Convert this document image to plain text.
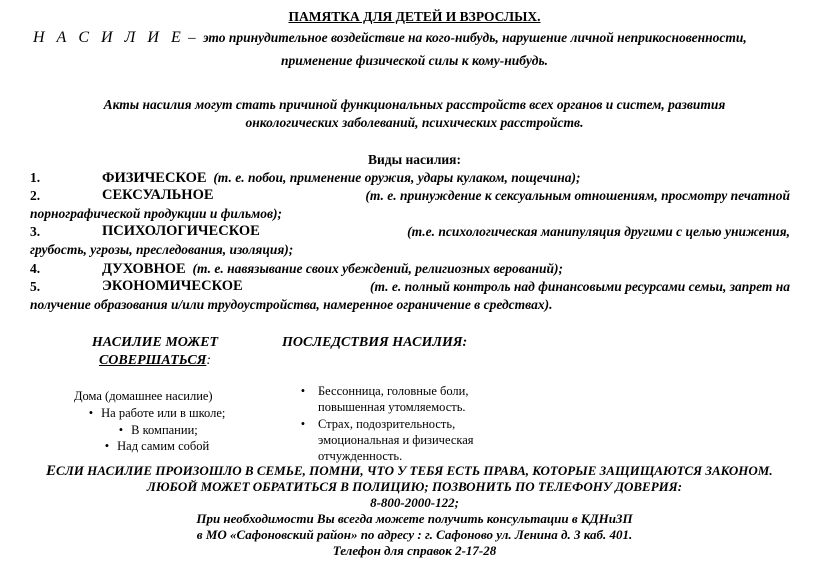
ПАМЯТКА ДЛЯ ДЕТЕЙ И ВЗРОСЛЫХ.
Н А С И Л И Е – это принудительное воздействие на кого-нибудь, нарушение личной неприкосновенности,
применение физической силы к кому-нибудь.
Акты насилия могут стать причиной функциональных расстройств всех органов и систем, развития
онкологических заболеваний, психических расстройств.
Виды насилия:
1.	ФИЗИЧЕСКОЕ (т. е. побои, применение оружия, удары кулаком, пощечина);
2.	СЕКСУАЛЬНОЕ	(т. е. принуждение к сексуальным отношениям, просмотру печатной
порнографической продукции и фильмов);
3.	ПСИХОЛОГИЧЕСКОЕ	(т.е. психологическая манипуляция другими с целью унижения,
грубость, угрозы, преследования, изоляция);
4.	ДУХОВНОЕ (т. е. навязывание своих убеждений, религиозных верований);
5.	ЭКОНОМИЧЕСКОЕ	(т. е. полный контроль над финансовыми ресурсами семьи, запрет на
получение образования и/или трудоустройства, намеренное ограничение в средствах).
НАСИЛИЕ МОЖЕТ
СОВЕРШАТЬСЯ:
ПОСЛЕДСТВИЯ НАСИЛИЯ:
Дома (домашнее насилие)
• На работе или в школе;
• В компании;
• Над самим собой
• Бессонница, головные боли,
повышенная утомляемость.
• Страх, подозрительность,
эмоциональная и физическая
отчужденность.
ЕСЛИ НАСИЛИЕ ПРОИЗОШЛО В СЕМЬЕ, ПОМНИ, ЧТО У ТЕБЯ ЕСТЬ ПРАВА, КОТОРЫЕ ЗАЩИЩАЮТСЯ ЗАКОНОМ.
ЛЮБОЙ МОЖЕТ ОБРАТИТЬСЯ В ПОЛИЦИЮ; ПОЗВОНИТЬ ПО ТЕЛЕФОНУ ДОВЕРИЯ:
8-800-2000-122;
При необходимости Вы всегда можете получить консультации в КДНиЗП
в МО «Сафоновский район» по адресу : г. Сафоново ул. Ленина д. 3 каб. 401.
Телефон для справок 2-17-28
